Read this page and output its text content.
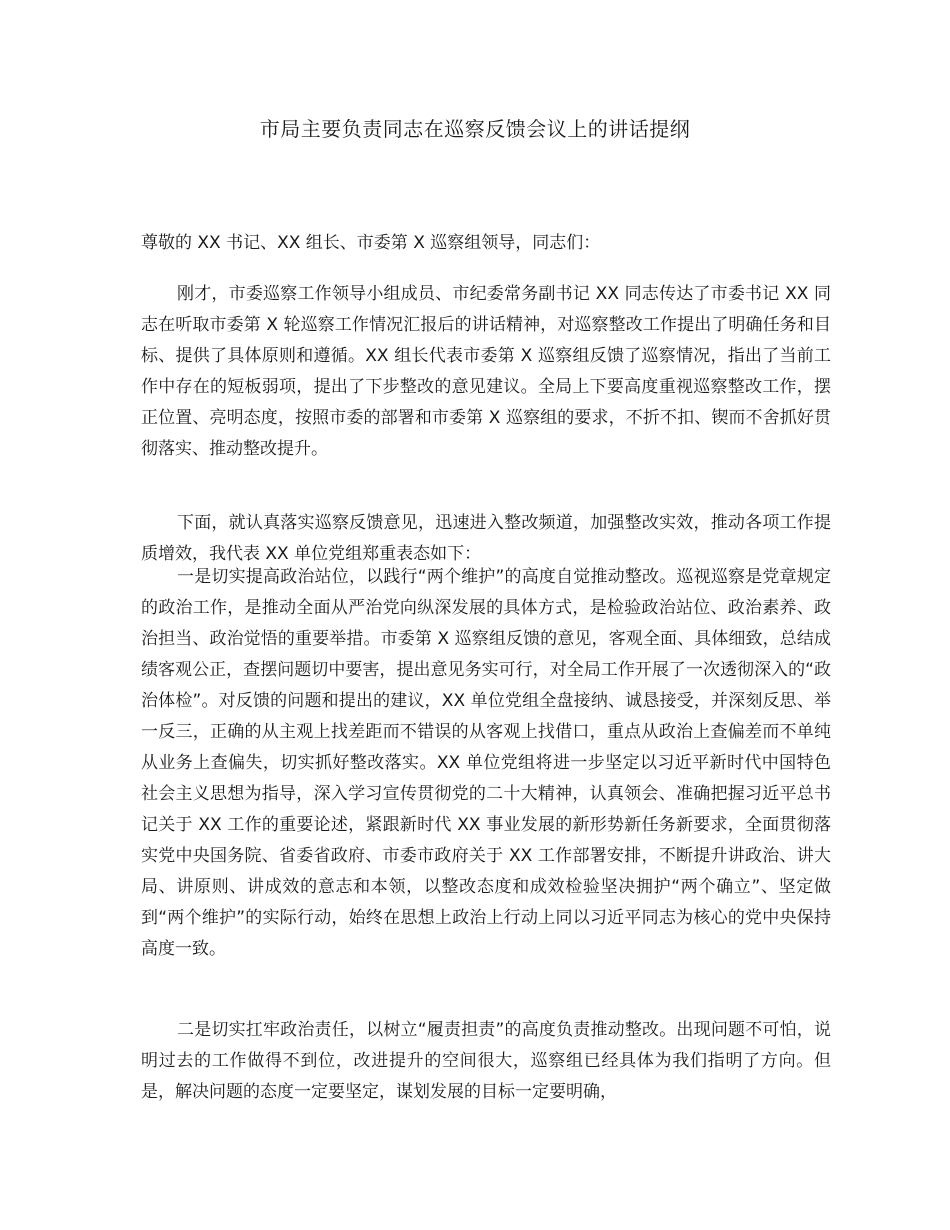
市局主要负责同志在巡察反馈会议上的讲话提纲

尊敬的 XX 书记、XX 组长、市委第 X 巡察组领导，同志们：

刚才，市委巡察工作领导小组成员、市纪委常务副书记 XX 同志传达了市委书记 XX 同志在听取市委第 X 轮巡察工作情况汇报后的讲话精神，对巡察整改工作提出了明确任务和目标、提供了具体原则和遵循。XX 组长代表市委第 X 巡察组反馈了巡察情况，指出了当前工作中存在的短板弱项，提出了下步整改的意见建议。全局上下要高度重视巡察整改工作，摆正位置、亮明态度，按照市委的部署和市委第 X 巡察组的要求，不折不扣、锲而不舍抓好贯彻落实、推动整改提升。

下面，就认真落实巡察反馈意见，迅速进入整改频道，加强整改实效，推动各项工作提质增效，我代表 XX 单位党组郑重表态如下：

一是切实提高政治站位，以践行“两个维护”的高度自觉推动整改。巡视巡察是党章规定的政治工作，是推动全面从严治党向纵深发展的具体方式，是检验政治站位、政治素养、政治担当、政治觉悟的重要举措。市委第 X 巡察组反馈的意见，客观全面、具体细致，总结成绩客观公正，查摆问题切中要害，提出意见务实可行，对全局工作开展了一次透彻深入的“政治体检”。对反馈的问题和提出的建议，XX 单位党组全盘接纳、诚恳接受，并深刻反思、举一反三，正确的从主观上找差距而不错误的从客观上找借口，重点从政治上查偏差而不单纯从业务上查偏失，切实抓好整改落实。XX 单位党组将进一步坚定以习近平新时代中国特色社会主义思想为指导，深入学习宣传贯彻党的二十大精神，认真领会、准确把握习近平总书记关于 XX 工作的重要论述，紧跟新时代 XX 事业发展的新形势新任务新要求，全面贯彻落实党中央国务院、省委省政府、市委市政府关于 XX 工作部署安排，不断提升讲政治、讲大局、讲原则、讲成效的意志和本领，以整改态度和成效检验坚决拥护“两个确立”、坚定做到“两个维护”的实际行动，始终在思想上政治上行动上同以习近平同志为核心的党中央保持高度一致。

二是切实扛牢政治责任，以树立“履责担责”的高度负责推动整改。出现问题不可怕，说明过去的工作做得不到位，改进提升的空间很大，巡察组已经具体为我们指明了方向。但是，解决问题的态度一定要坚定，谋划发展的目标一定要明确，
